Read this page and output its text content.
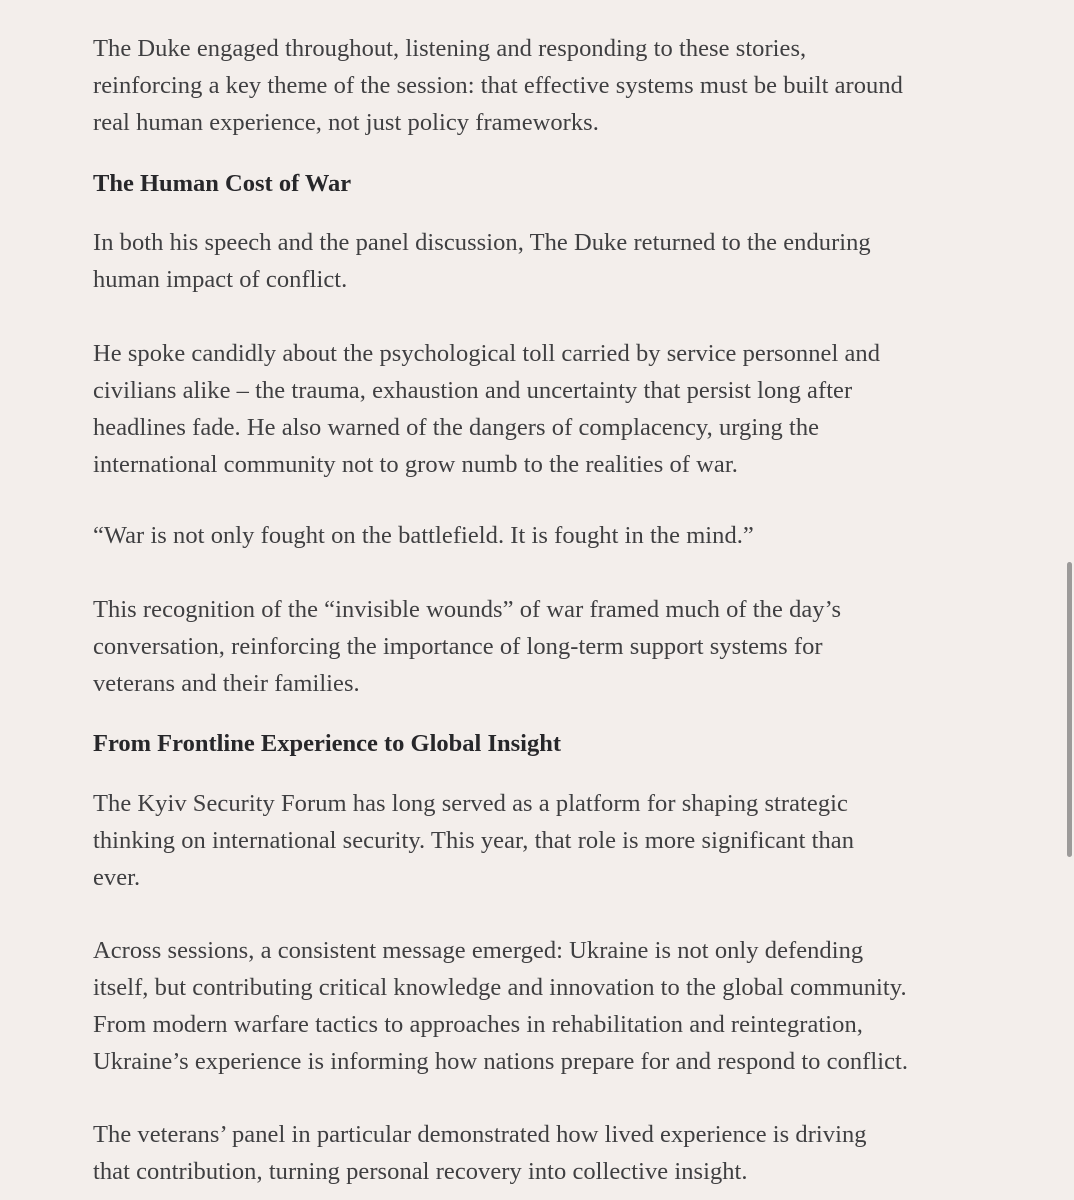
The Duke engaged throughout, listening and responding to these stories,
reinforcing a key theme of the session: that effective systems must be built around
real human experience, not just policy frameworks.

The Human Cost of War

In both his speech and the panel discussion, The Duke returned to the enduring
human impact of conflict.

He spoke candidly about the psychological toll carried by service personnel and
civilians alike – the trauma, exhaustion and uncertainty that persist long after
headlines fade. He also warned of the dangers of complacency, urging the
international community not to grow numb to the realities of war.

“War is not only fought on the battlefield. It is fought in the mind.”

This recognition of the “invisible wounds” of war framed much of the day’s
conversation, reinforcing the importance of long-term support systems for
veterans and their families.

From Frontline Experience to Global Insight

The Kyiv Security Forum has long served as a platform for shaping strategic
thinking on international security. This year, that role is more significant than
ever.

Across sessions, a consistent message emerged: Ukraine is not only defending
itself, but contributing critical knowledge and innovation to the global community.
From modern warfare tactics to approaches in rehabilitation and reintegration,
Ukraine’s experience is informing how nations prepare for and respond to conflict.

The veterans’ panel in particular demonstrated how lived experience is driving
that contribution, turning personal recovery into collective insight.
